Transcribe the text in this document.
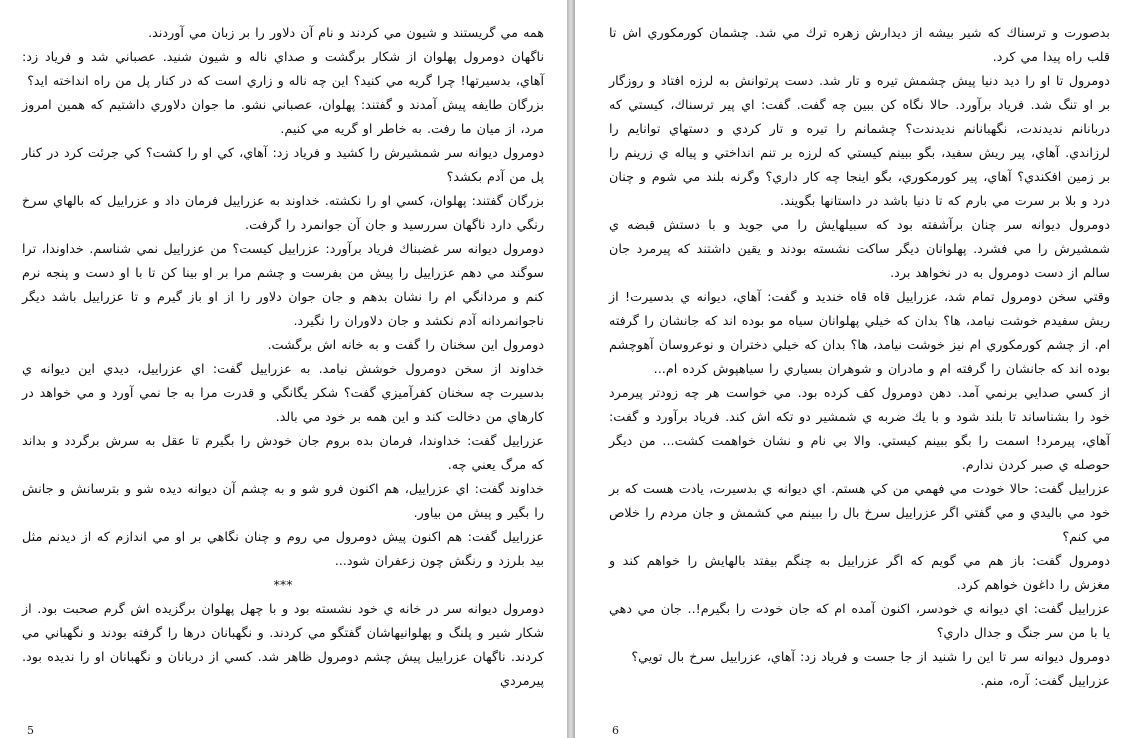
همه مي گريستند و شيون مي كردند و نام آن دلاور را بر زبان مي آوردند.

ناگهان دومرول پهلوان از شكار برگشت و صداي ناله و شيون شنيد. عصباني شد و فرياد زد: آهاي، بدسيرتها! چرا گريه مي كنيد؟ اين چه ناله و زاري است كه در كنار پل من راه انداخته ايد؟

بزرگان طايفه پيش آمدند و گفتند: پهلوان، عصباني نشو. ما جوان دلاوري داشتيم كه همين امروز مرد، از ميان ما رفت. به خاطر او گريه مي كنيم.

دومرول ديوانه سر شمشيرش را كشيد و فرياد زد: آهاي، كي او را كشت؟ كي جرئت كرد در كنار پل من آدم بكشد؟

بزرگان گفتند: پهلوان، كسي او را نكشته. خداوند به عزراييل فرمان داد و عزراييل كه بالهاي سرخ رنگي دارد ناگهان سررسيد و جان آن جوانمرد را گرفت.

دومرول ديوانه سر غضبناك فرياد برآورد: عزراييل كيست؟ من عزراييل نمي شناسم. خداوندا، ترا سوگند مي دهم عزراييل را پيش من بفرست و چشم مرا بر او بينا كن تا با او دست و پنجه نرم كنم و مردانگي ام را نشان بدهم و جان جوان دلاور را از او باز گيرم و تا عزراييل باشد ديگر ناجوانمردانه آدم نكشد و جان دلاوران را نگيرد.

دومرول اين سخنان را گفت و به خانه اش برگشت.

خداوند از سخن دومرول خوشش نيامد. به عزراييل گفت: اي عزراييل، ديدي اين ديوانه ي بدسيرت چه سخنان كفرآميزي گفت؟ شكر يگانگي و قدرت مرا به جا نمي آورد و مي خواهد در كارهاي من دخالت كند و اين همه بر خود مي بالد.

عزراييل گفت: خداوندا، فرمان بده بروم جان خودش را بگيرم تا عقل به سرش برگردد و بداند كه مرگ يعني چه.

خداوند گفت: اي عزراييل، هم اكنون فرو شو و به چشم آن ديوانه ديده شو و بترسانش و جانش را بگير و پيش من بياور.

عزراييل گفت: هم اكنون پيش دومرول مي روم و چنان نگاهي بر او مي اندازم كه از ديدنم مثل بيد بلرزد و رنگش چون زعفران شود...

***

دومرول ديوانه سر در خانه ي خود نشسته بود و با چهل پهلوان برگزيده اش گرم صحبت بود. از شكار شير و پلنگ و پهلوانيهاشان گفتگو مي كردند. و نگهبانان درها را گرفته بودند و نگهباني مي كردند. ناگهان عزراييل پيش چشم دومرول ظاهر شد. كسي از دربانان و نگهبانان او را نديده بود. پيرمردي

5

بدصورت و ترسناك كه شير بيشه از ديدارش زهره ترك مي شد. چشمان كورمكوري اش تا قلب راه پيدا مي كرد.

دومرول تا او را ديد دنيا پيش چشمش تيره و تار شد. دست پرتوانش به لرزه افتاد و روزگار بر او تنگ شد. فرياد برآورد. حالا نگاه كن ببين چه گفت. گفت: اي پير ترسناك، كيستي كه دربانانم نديدندت، نگهبانانم نديدندت؟ چشمانم را تيره و تار كردي و دستهاي توانايم را لرزاندي. آهاي، پير ريش سفيد، بگو ببينم كيستي كه لرزه بر تنم انداختي و پياله ي زرينم را بر زمين افكندي؟ آهاي، پير كورمكوري، بگو اينجا چه كار داري؟ وگرنه بلند مي شوم و چنان درد و بلا بر سرت مي بارم كه تا دنيا باشد در داستانها بگويند.

دومرول ديوانه سر چنان برآشفته بود كه سبيلهايش را مي جويد و با دستش قبضه ي شمشيرش را مي فشرد. پهلوانان ديگر ساكت نشسته بودند و يقين داشتند كه پيرمرد جان سالم از دست دومرول به در نخواهد برد.

وقتي سخن دومرول تمام شد، عزراييل قاه قاه خنديد و گفت: آهاي، ديوانه ي بدسيرت! از ريش سفيدم خوشت نيامد، ها؟ بدان كه خيلي پهلوانان سياه مو بوده اند كه جانشان را گرفته ام. از چشم كورمكوري ام نيز خوشت نيامد، ها؟ بدان كه خيلي دختران و نوعروسان آهوچشم بوده اند كه جانشان را گرفته ام و مادران و شوهران بسياري را سياهپوش كرده ام...

از كسي صدايي برنمي آمد. دهن دومرول كف كرده بود. مي خواست هر چه زودتر پيرمرد خود را بشناساند تا بلند شود و با يك ضربه ي شمشير دو تكه اش كند. فرياد برآورد و گفت: آهاي، پيرمرد! اسمت را بگو ببينم كيستي. والا بي نام و نشان خواهمت كشت... من ديگر حوصله ي صبر كردن ندارم.

عزراييل گفت: حالا خودت مي فهمي من كي هستم. اي ديوانه ي بدسيرت، يادت هست كه بر خود مي باليدي و مي گفتي اگر عزراييل سرخ بال را ببينم مي كشمش و جان مردم را خلاص مي كنم؟

دومرول گفت: باز هم مي گويم كه اگر عزراييل به چنگم بيفتد بالهايش را خواهم كند و مغزش را داغون خواهم كرد.

عزراييل گفت: اي ديوانه ي خودسر، اكنون آمده ام كه جان خودت را بگيرم!.. جان مي دهي يا با من سر جنگ و جدال داري؟

دومرول ديوانه سر تا اين را شنيد از جا جست و فرياد زد: آهاي، عزراييل سرخ بال تويي؟

عزراييل گفت: آره، منم.

6
